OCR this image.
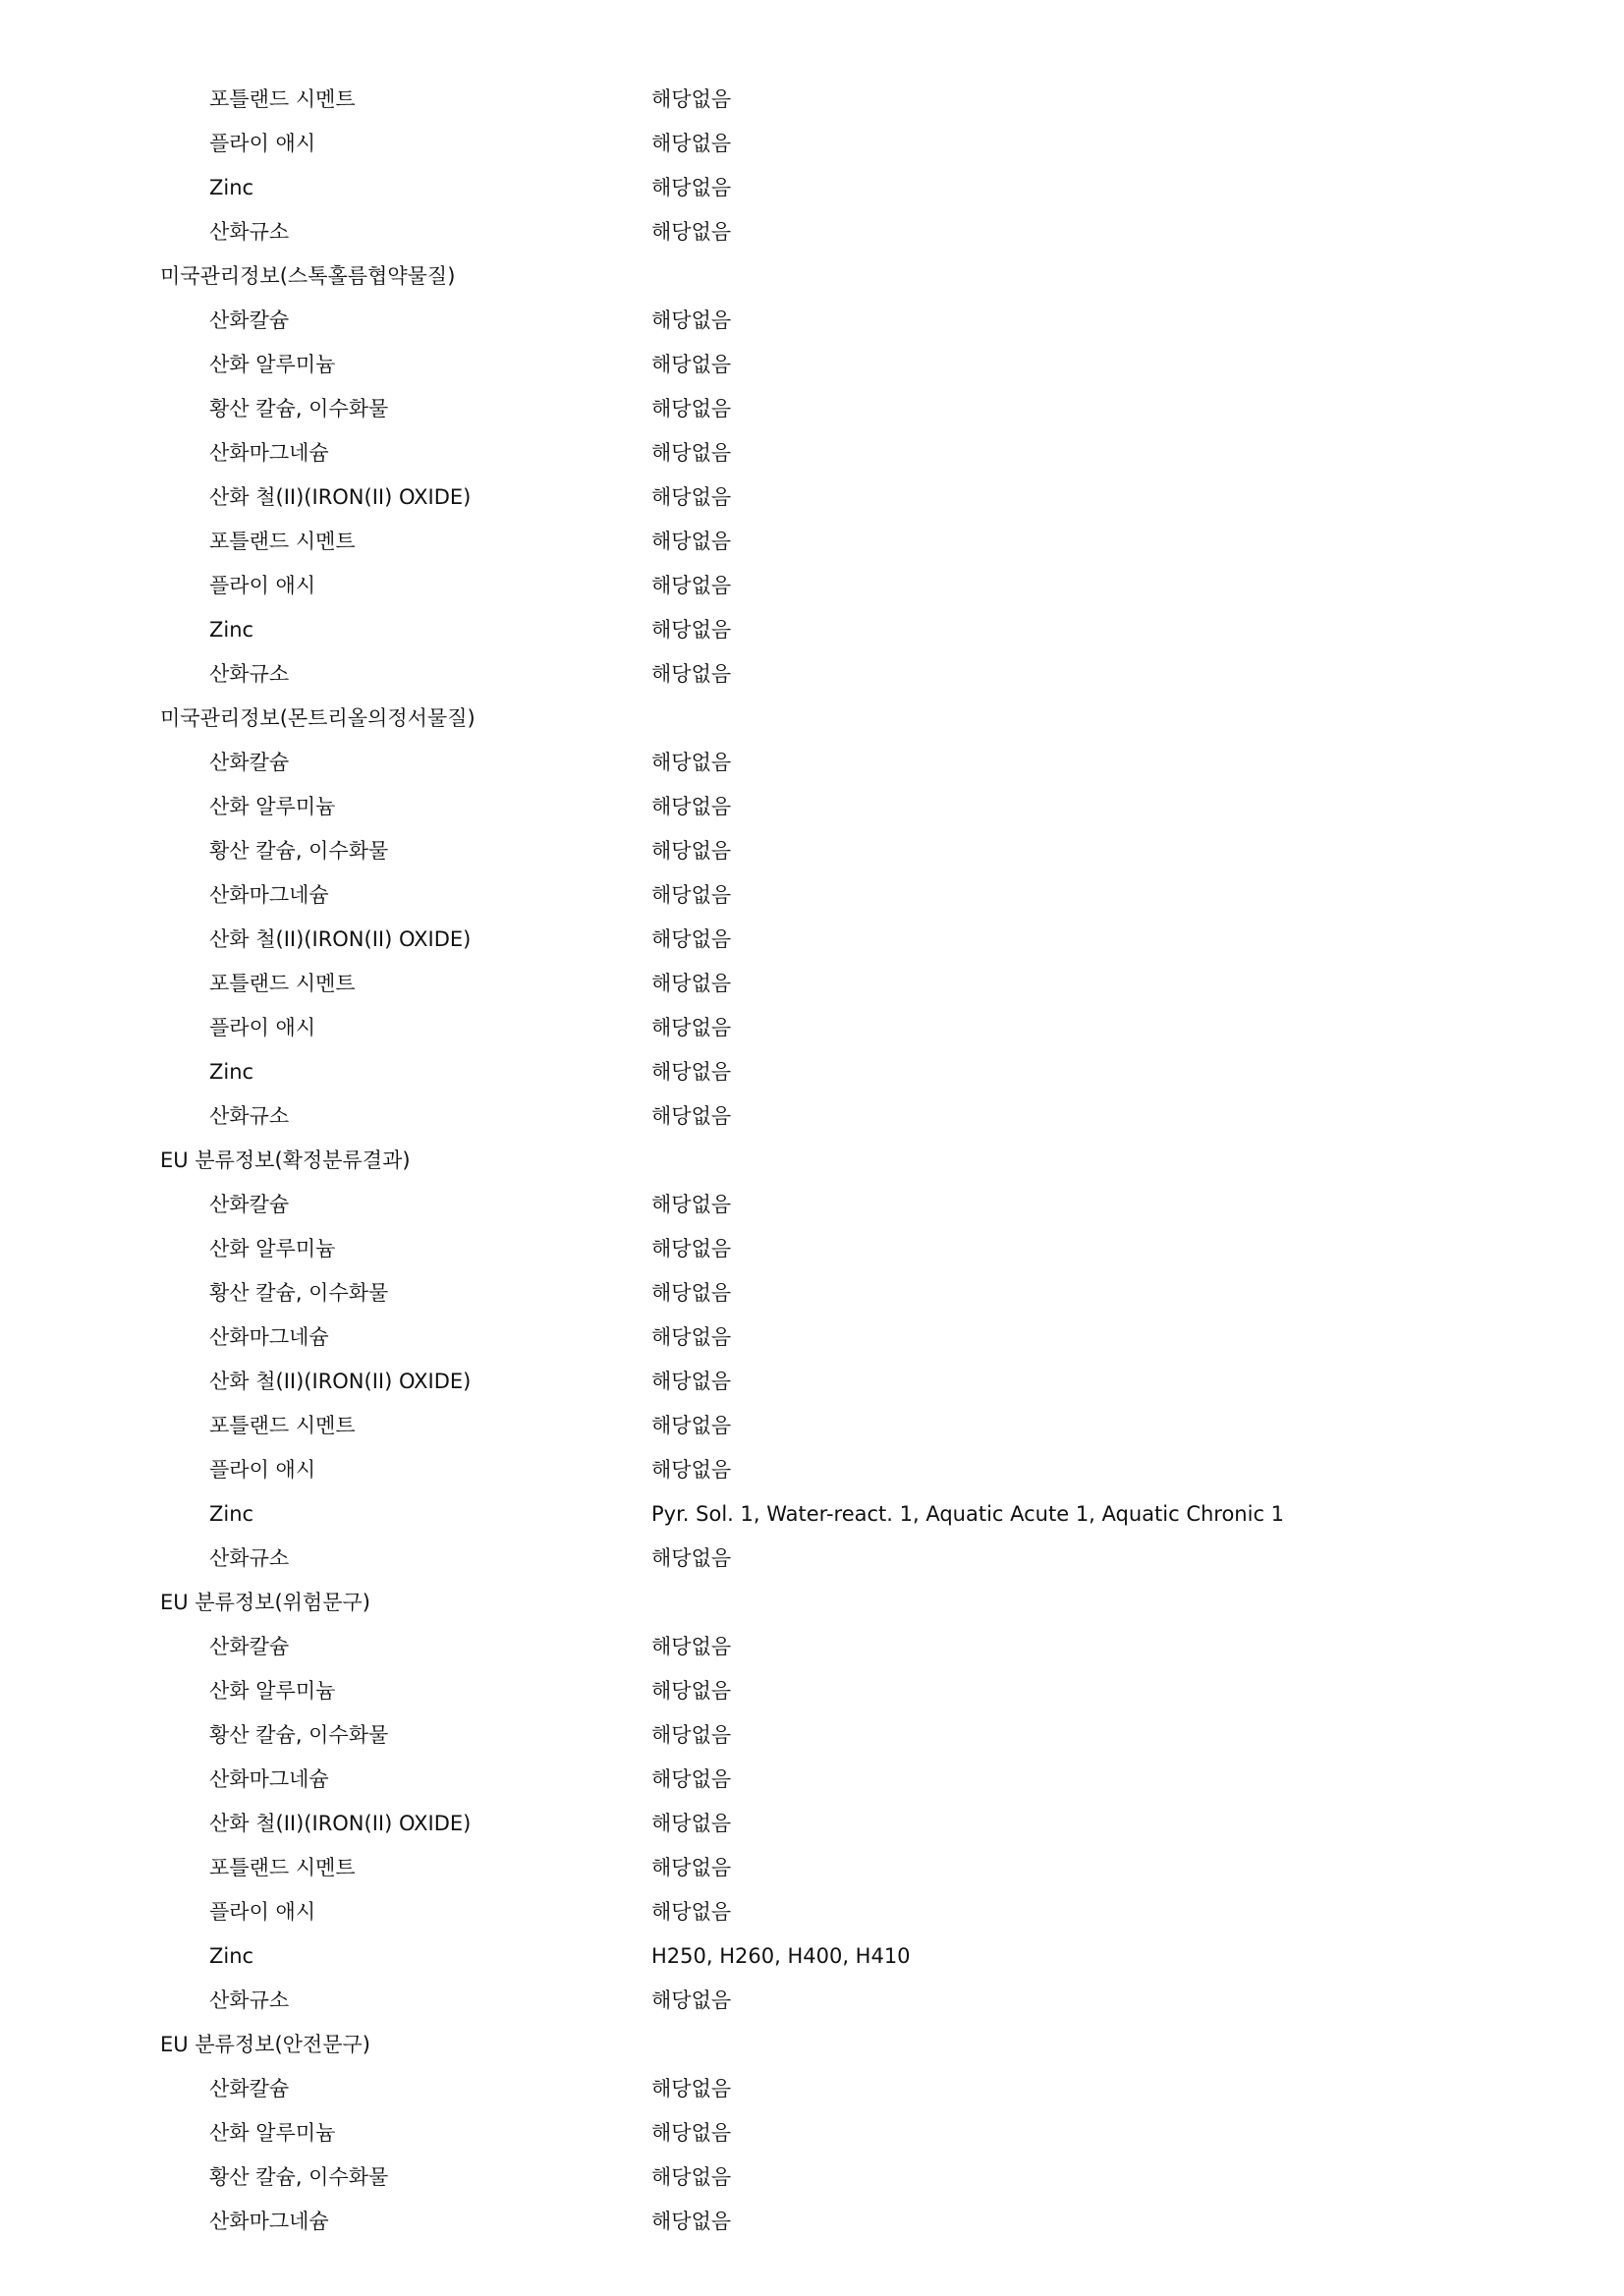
포틀랜드 시멘트	해당없음
플라이 애시	해당없음
Zinc	해당없음
산화규소	해당없음
미국관리정보(스톡홀름협약물질)
산화칼슘	해당없음
산화 알루미늄	해당없음
황산 칼슘, 이수화물	해당없음
산화마그네슘	해당없음
산화 철(II)(IRON(II) OXIDE)	해당없음
포틀랜드 시멘트	해당없음
플라이 애시	해당없음
Zinc	해당없음
산화규소	해당없음
미국관리정보(몬트리올의정서물질)
산화칼슘	해당없음
산화 알루미늄	해당없음
황산 칼슘, 이수화물	해당없음
산화마그네슘	해당없음
산화 철(II)(IRON(II) OXIDE)	해당없음
포틀랜드 시멘트	해당없음
플라이 애시	해당없음
Zinc	해당없음
산화규소	해당없음
EU 분류정보(확정분류결과)
산화칼슘	해당없음
산화 알루미늄	해당없음
황산 칼슘, 이수화물	해당없음
산화마그네슘	해당없음
산화 철(II)(IRON(II) OXIDE)	해당없음
포틀랜드 시멘트	해당없음
플라이 애시	해당없음
Zinc	Pyr. Sol. 1, Water-react. 1, Aquatic Acute 1, Aquatic Chronic 1
산화규소	해당없음
EU 분류정보(위험문구)
산화칼슘	해당없음
산화 알루미늄	해당없음
황산 칼슘, 이수화물	해당없음
산화마그네슘	해당없음
산화 철(II)(IRON(II) OXIDE)	해당없음
포틀랜드 시멘트	해당없음
플라이 애시	해당없음
Zinc	H250, H260, H400, H410
산화규소	해당없음
EU 분류정보(안전문구)
산화칼슘	해당없음
산화 알루미늄	해당없음
황산 칼슘, 이수화물	해당없음
산화마그네슘	해당없음
